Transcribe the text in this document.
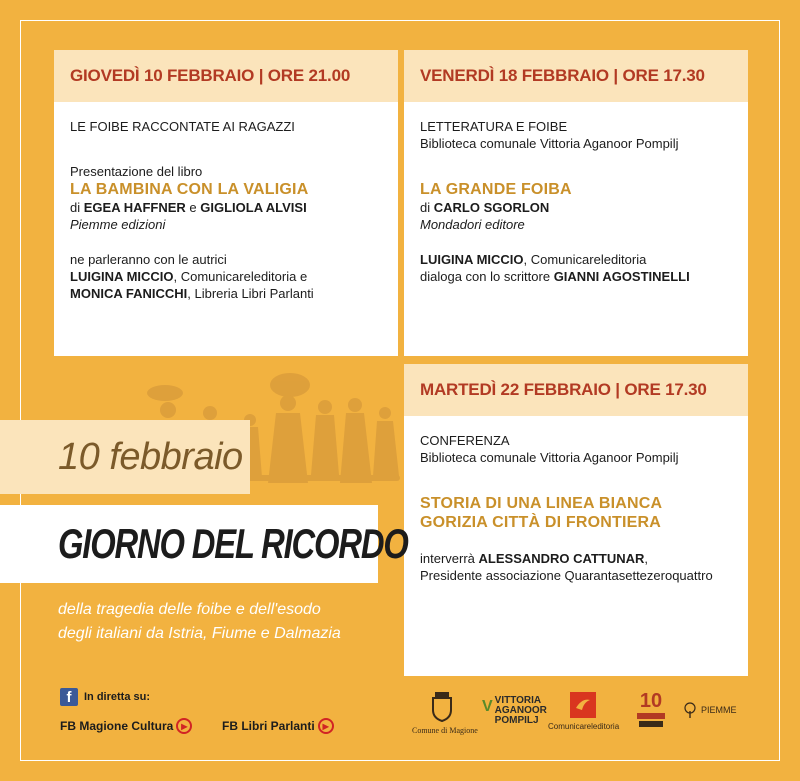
GIOVEDÌ 10 FEBBRAIO | ORE 21.00

LE FOIBE RACCONTATE AI RAGAZZI

Presentazione del libro

LA BAMBINA CON LA VALIGIA

di EGEA HAFFNER e GIGLIOLA ALVISI

Piemme edizioni

ne parleranno con le autrici

LUIGINA MICCIO, Comunicareleditoria e

MONICA FANICCHI, Libreria Libri Parlanti

VENERDÌ 18 FEBBRAIO | ORE 17.30

LETTERATURA E FOIBE

Biblioteca comunale Vittoria Aganoor Pompilj

LA GRANDE FOIBA

di CARLO SGORLON

Mondadori editore

LUIGINA MICCIO, Comunicareleditoria

dialoga con lo scrittore GIANNI AGOSTINELLI

MARTEDÌ 22 FEBBRAIO | ORE 17.30

CONFERENZA

Biblioteca comunale Vittoria Aganoor Pompilj

STORIA DI UNA LINEA BIANCA

GORIZIA CITTÀ DI FRONTIERA

interverrà ALESSANDRO CATTUNAR,

Presidente associazione Quarantasettezeroquattro

10 febbraio
GIORNO DEL RICORDO
della tragedia delle foibe e dell'esodo
degli italiani da Istria, Fiume e Dalmazia
f	In diretta su:
FB Magione Cultura ▶	FB Libri Parlanti ▶	Comune di Magione
V VITTORIA
AGANOOR
POMPILJ
Comunicareleditoria
10	PIEMME
